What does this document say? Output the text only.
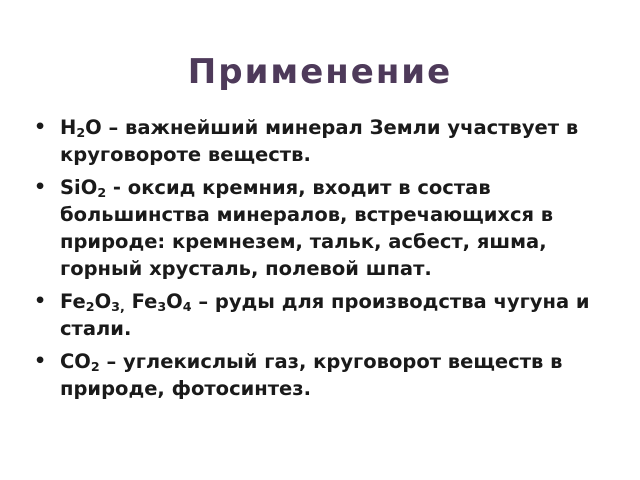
Применение
• $H_2O$ – важнейший минерал Земли участвует в круговороте веществ.
• SiO$_2$ - оксид кремния, входит в состав большинства минералов, встречающихся в природе: кремнезем, тальк, асбест, яшма, горный хрусталь, полевой шпат.
• $Fe_2O_{3,}$ $Fe_3O_4$ – руды для производства чугуна и стали.
• $CO_2$ – углекислый газ, круговорот веществ в природе, фотосинтез.
